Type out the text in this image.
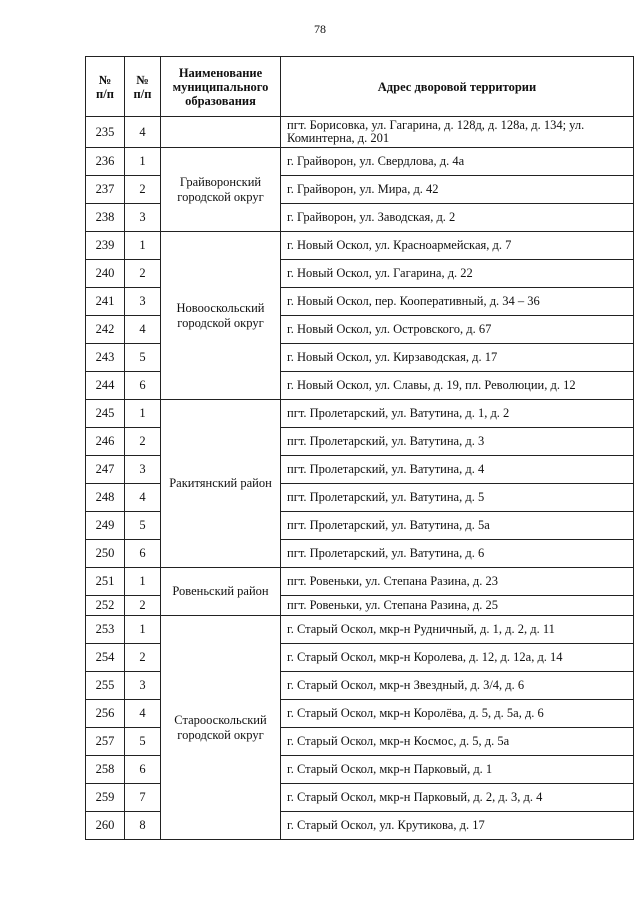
78
№
п/п	№
п/п	Наименование муниципального образования	Адрес дворовой территории
235	4		пгт. Борисовка, ул. Гагарина, д. 128д, д. 128а, д. 134; ул. Коминтерна, д. 201
236	1	Грайворонский городской округ	г. Грайворон, ул. Свердлова, д. 4а
237	2		г. Грайворон, ул. Мира, д. 42
238	3		г. Грайворон, ул. Заводская, д. 2
239	1	Новооскольский городской округ	г. Новый Оскол, ул. Красноармейская, д. 7
240	2		г. Новый Оскол, ул. Гагарина, д. 22
241	3		г. Новый Оскол, пер. Кооперативный, д. 34 – 36
242	4		г. Новый Оскол, ул. Островского, д. 67
243	5		г. Новый Оскол, ул. Кирзаводская, д. 17
244	6		г. Новый Оскол, ул. Славы, д. 19, пл. Революции, д. 12
245	1	Ракитянский район	пгт. Пролетарский, ул. Ватутина, д. 1, д. 2
246	2		пгт. Пролетарский, ул. Ватутина, д. 3
247	3		пгт. Пролетарский, ул. Ватутина, д. 4
248	4		пгт. Пролетарский, ул. Ватутина, д. 5
249	5		пгт. Пролетарский, ул. Ватутина, д. 5а
250	6		пгт. Пролетарский, ул. Ватутина, д. 6
251	1	Ровеньский район	пгт. Ровеньки, ул. Степана Разина, д. 23
252	2		пгт. Ровеньки, ул. Степана Разина, д. 25
253	1	Старооскольский городской округ	г. Старый Оскол, мкр-н Рудничный, д. 1, д. 2, д. 11
254	2		г. Старый Оскол, мкр-н Королева, д. 12, д. 12а, д. 14
255	3		г. Старый Оскол, мкр-н Звездный, д. 3/4, д. 6
256	4		г. Старый Оскол, мкр-н Королёва, д. 5, д. 5а, д. 6
257	5		г. Старый Оскол, мкр-н Космос, д. 5, д. 5а
258	6		г. Старый Оскол, мкр-н Парковый, д. 1
259	7		г. Старый Оскол, мкр-н Парковый, д. 2, д. 3, д. 4
260	8		г. Старый Оскол, ул. Крутикова, д. 17
